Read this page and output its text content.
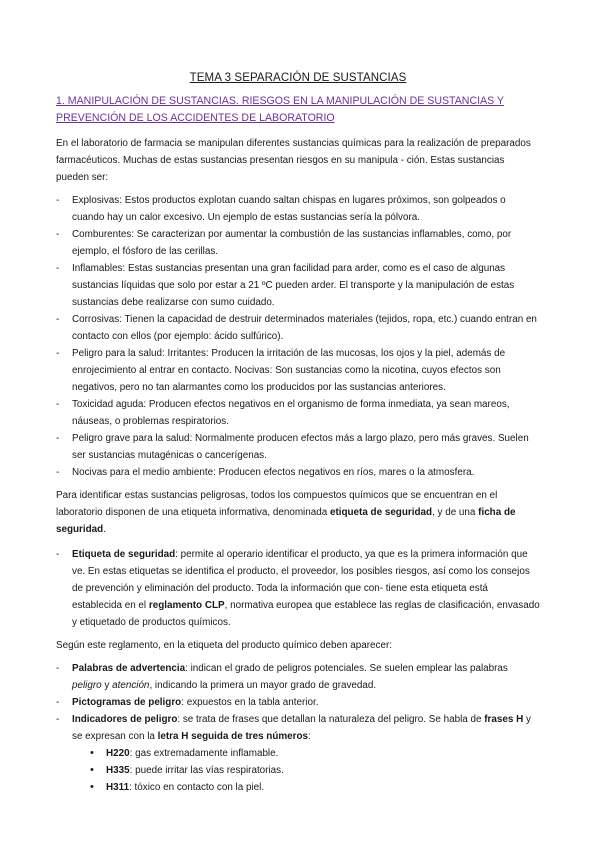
TEMA 3 SEPARACIÓN DE SUSTANCIAS
1. MANIPULACIÓN DE SUSTANCIAS. RIESGOS EN LA MANIPULACIÓN DE SUSTANCIAS Y
PREVENCIÓN DE LOS ACCIDENTES DE LABORATORIO

En el laboratorio de farmacia se manipulan diferentes sustancias químicas para la realización de preparados farmacéuticos. Muchas de estas sustancias presentan riesgos en su manipula - ción. Estas sustancias pueden ser:

- Explosivas: Estos productos explotan cuando saltan chispas en lugares próximos, son golpeados o cuando hay un calor excesivo. Un ejemplo de estas sustancias sería la pólvora.
- Comburentes: Se caracterizan por aumentar la combustión de las sustancias inflamables, como, por ejemplo, el fósforo de las cerillas.
- Inflamables: Estas sustancias presentan una gran facilidad para arder, como es el caso de algunas sustancias líquidas que solo por estar a 21 ºC pueden arder. El transporte y la manipulación de estas sustancias debe realizarse con sumo cuidado.
- Corrosivas: Tienen la capacidad de destruir determinados materiales (tejidos, ropa, etc.) cuando entran en contacto con ellos (por ejemplo: ácido sulfúrico).
- Peligro para la salud: Irritantes: Producen la irritación de las mucosas, los ojos y la piel, además de enrojecimiento al entrar en contacto. Nocivas: Son sustancias como la nicotina, cuyos efectos son negativos, pero no tan alarmantes como los producidos por las sustancias anteriores.
- Toxicidad aguda: Producen efectos negativos en el organismo de forma inmediata, ya sean mareos, náuseas, o problemas respiratorios.
- Peligro grave para la salud: Normalmente producen efectos más a largo plazo, pero más graves. Suelen ser sustancias mutagénicas o cancerígenas.
- Nocivas para el medio ambiente: Producen efectos negativos en ríos, mares o la atmosfera.

Para identificar estas sustancias peligrosas, todos los compuestos químicos que se encuentran en el laboratorio disponen de una etiqueta informativa, denominada etiqueta de seguridad, y de una ficha de seguridad.

- Etiqueta de seguridad: permite al operario identificar el producto, ya que es la primera información que ve. En estas etiquetas se identifica el producto, el proveedor, los posibles riesgos, así como los consejos de prevención y eliminación del producto. Toda la información que con- tiene esta etiqueta está establecida en el reglamento CLP, normativa europea que establece las reglas de clasificación, envasado y etiquetado de productos químicos.

Según este reglamento, en la etiqueta del producto químico deben aparecer:

- Palabras de advertencia: indican el grado de peligros potenciales. Se suelen emplear las palabras peligro y atención, indicando la primera un mayor grado de gravedad.
- Pictogramas de peligro: expuestos en la tabla anterior.
- Indicadores de peligro: se trata de frases que detallan la naturaleza del peligro. Se habla de frases H y se expresan con la letra H seguida de tres números:
• H220: gas extremadamente inflamable.
• H335: puede irritar las vías respiratorias.
• H311: tóxico en contacto con la piel.
